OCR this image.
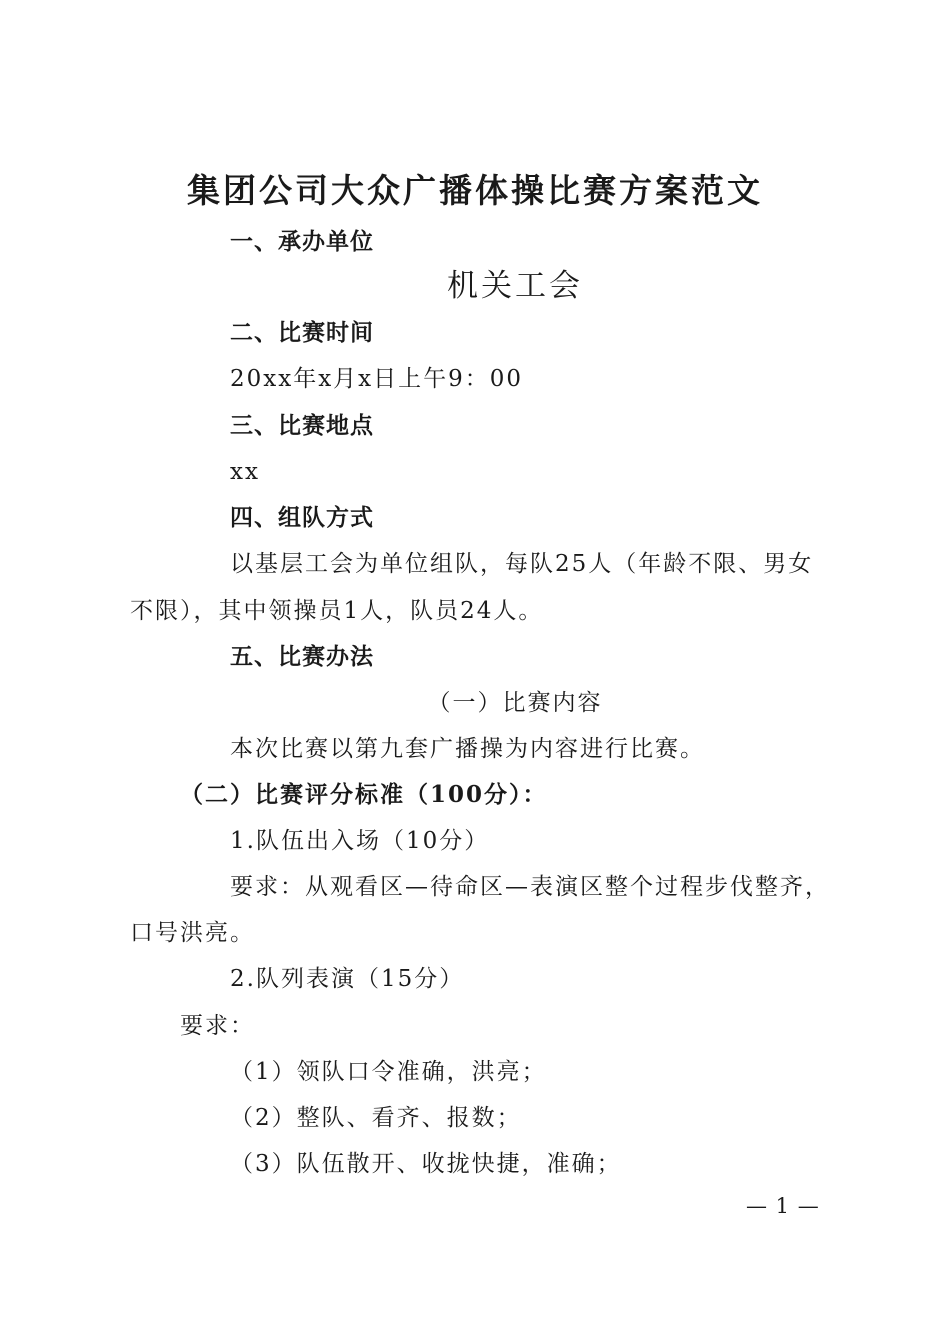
集团公司大众广播体操比赛方案范文

一、承办单位

机关工会

二、比赛时间

20xx年x月x日上午9：00

三、比赛地点

xx

四、组队方式

以基层工会为单位组队，每队25人（年龄不限、男女

不限），其中领操员1人，队员24人。

五、比赛办法

（一）比赛内容

本次比赛以第九套广播操为内容进行比赛。

（二）比赛评分标准（100分）：

1.队伍出入场（10分）

要求：从观看区—待命区—表演区整个过程步伐整齐，

口号洪亮。

2.队列表演（15分）

要求：

（1）领队口令准确，洪亮；

（2）整队、看齐、报数；

（3）队伍散开、收拢快捷，准确；

— 1 —
